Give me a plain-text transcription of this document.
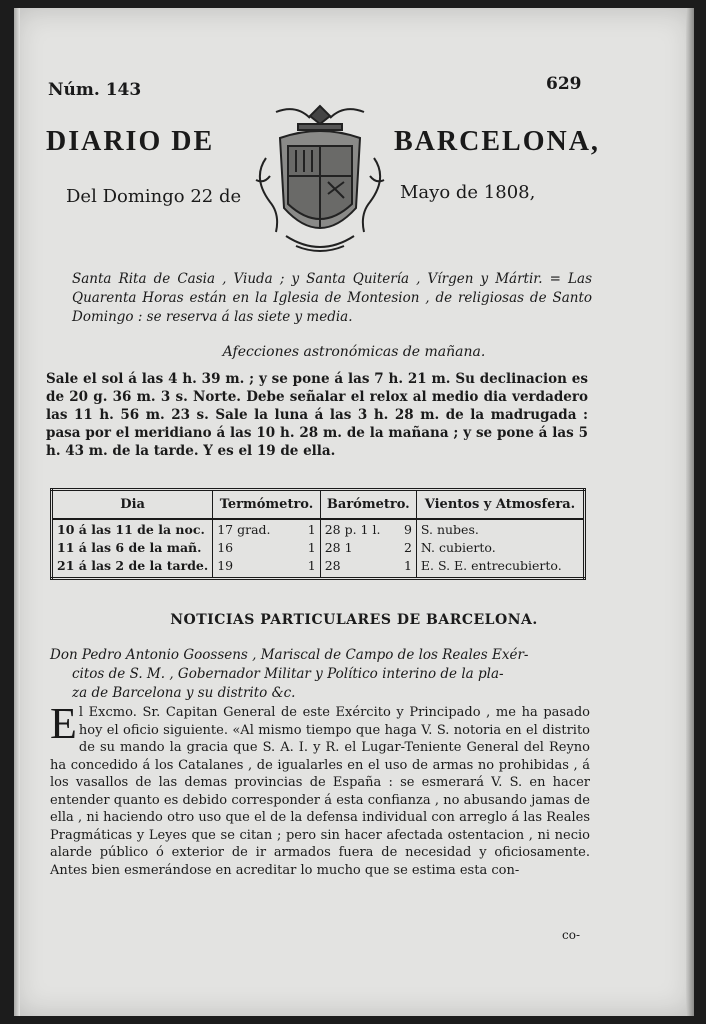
Núm. 143	629
DIARIO DE	BARCELONA,
Del Domingo 22 de	Mayo de 1808,
Santa Rita de Casia , Viuda ; y Santa Quitería , Vírgen y Mártir. = Las Quarenta Horas están en la Iglesia de Montesion , de religiosas de Santo Domingo : se reserva á las siete y media.
Afecciones astronómicas de mañana.
Sale el sol á las 4 h. 39 m. ; y se pone á las 7 h. 21 m. Su declinacion es de 20 g. 36 m. 3 s. Norte. Debe señalar el relox al medio dia verdadero las 11 h. 56 m. 23 s. Sale la luna á las 3 h. 28 m. de la madrugada : pasa por el meridiano á las 10 h. 28 m. de la mañana ; y se pone á las 5 h. 43 m. de la tarde. Y es el 19 de ella.
Dia	Termómetro.	Barómetro.	Vientos y Atmosfera.
10 á las 11 de la noc.	17 grad. 1	28 p. 1 l. 9	S. nubes.
11 á las 6 de la mañ.	16 1	28 1 2	N. cubierto.
21 á las 2 de la tarde.	19 1	28 1	E. S. E. entrecubierto.
NOTICIAS PARTICULARES DE BARCELONA.
Don Pedro Antonio Goossens , Mariscal de Campo de los Reales Exér-

citos de S. M. , Gobernador Militar y Político interino de la pla-
za de Barcelona y su distrito &c.
E l Excmo. Sr. Capitan General de este Exército y Principado , me ha pasado hoy el oficio siguiente. «Al mismo tiempo que haga V. S. notoria en el distrito de su mando la gracia que S. A. I. y R. el Lugar-Teniente General del Reyno ha concedido á los Catalanes , de igualarles en el uso de armas no prohibidas , á los vasallos de las demas provincias de España : se esmerará V. S. en hacer entender quanto es debido corresponder á esta confianza , no abusando jamas de ella , ni haciendo otro uso que el de la defensa individual con arreglo á las Reales Pragmáticas y Leyes que se citan ; pero sin hacer afectada ostentacion , ni necio alarde público ó exterior de ir armados fuera de necesidad y oficiosamente. Antes bien esmerándose en acreditar lo mucho que se estima esta con-
co-
